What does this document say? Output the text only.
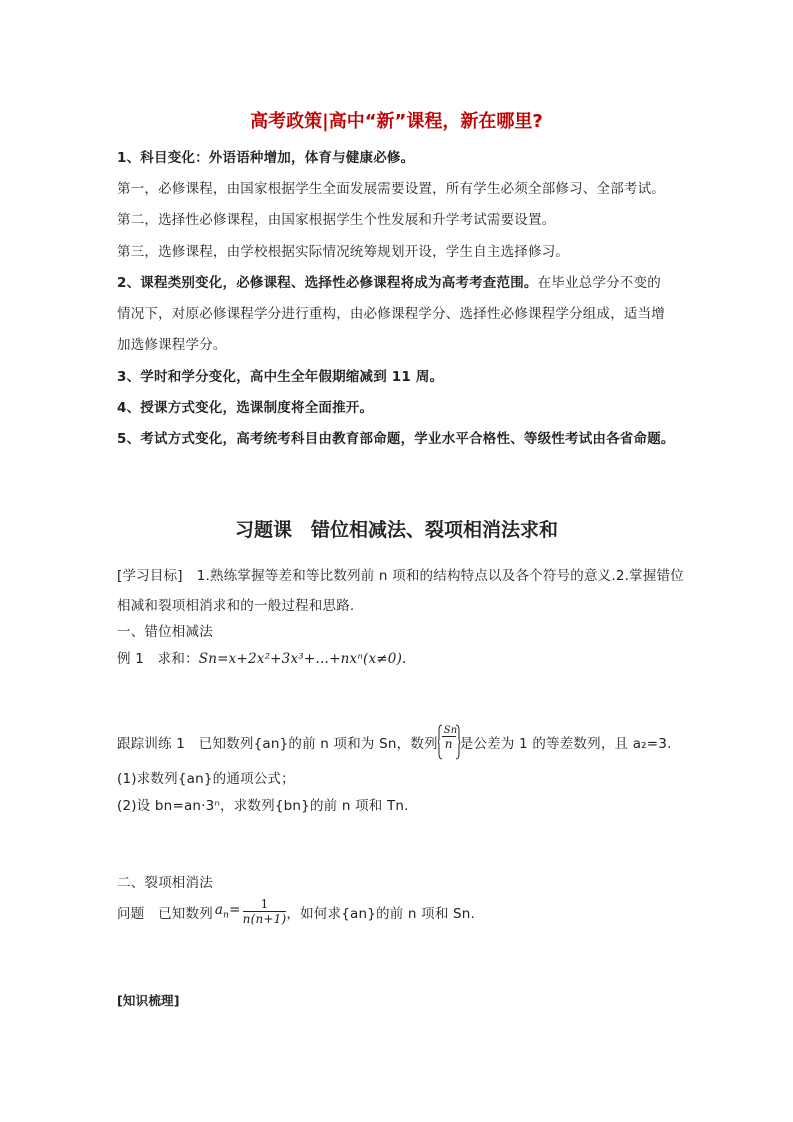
高考政策|高中“新”课程，新在哪里?
1、科目变化：外语语种增加，体育与健康必修。
第一，必修课程，由国家根据学生全面发展需要设置，所有学生必须全部修习、全部考试。
第二，选择性必修课程，由国家根据学生个性发展和升学考试需要设置。
第三，选修课程，由学校根据实际情况统筹规划开设，学生自主选择修习。
2、课程类别变化，必修课程、选择性必修课程将成为高考考查范围。在毕业总学分不变的
情况下，对原必修课程学分进行重构，由必修课程学分、选择性必修课程学分组成，适当增
加选修课程学分。
3、学时和学分变化，高中生全年假期缩减到 11 周。
4、授课方式变化，选课制度将全面推开。
5、考试方式变化，高考统考科目由教育部命题，学业水平合格性、等级性考试由各省命题。
习题课　错位相减法、裂项相消法求和
[学习目标] 1.熟练掌握等差和等比数列前 n 项和的结构特点以及各个符号的意义.2.掌握错位
相减和裂项相消求和的一般过程和思路.
一、错位相减法
例 1　求和：Sn=x+2x²+3x³+…+nxⁿ(x≠0).
跟踪训练 1　已知数列{an}的前 n 项和为 Sn，数列
Sn
n 是公差为 1 的等差数列，且 a₂=3.
(1)求数列{an}的通项公式；
(2)设 bn=an·3ⁿ，求数列{bn}的前 n 项和 Tn.
二、裂项相消法
问题　已知数列 $a_n= \frac{1}{n(n+1)}$ ，如何求{an}的前 n 项和 Sn.
[知识梳理]
